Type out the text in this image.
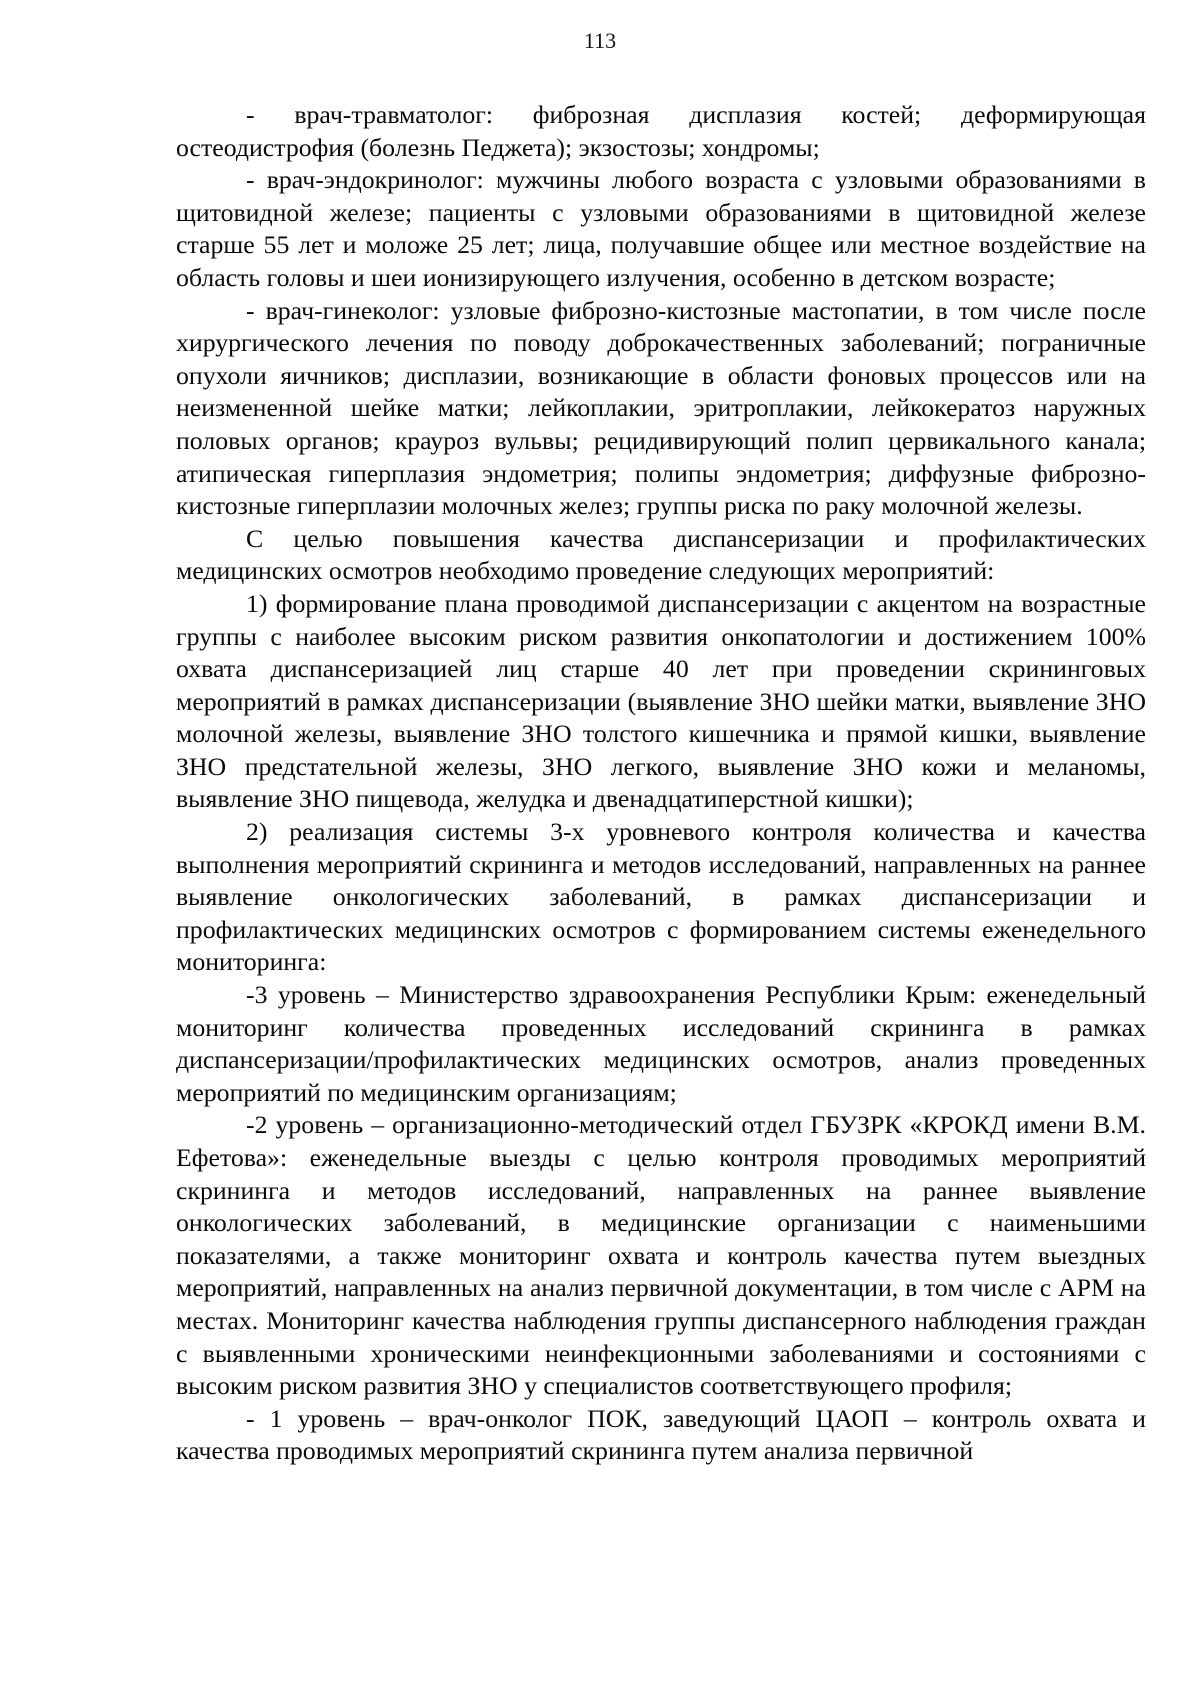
113

- врач-травматолог: фиброзная дисплазия костей; деформирующая остеодистрофия (болезнь Педжета); экзостозы; хондромы;

- врач-эндокринолог: мужчины любого возраста с узловыми образованиями в щитовидной железе; пациенты с узловыми образованиями в щитовидной железе старше 55 лет и моложе 25 лет; лица, получавшие общее или местное воздействие на область головы и шеи ионизирующего излучения, особенно в детском возрасте;

- врач-гинеколог: узловые фиброзно-кистозные мастопатии, в том числе после хирургического лечения по поводу доброкачественных заболеваний; пограничные опухоли яичников; дисплазии, возникающие в области фоновых процессов или на неизмененной шейке матки; лейкоплакии, эритроплакии, лейкокератоз наружных половых органов; крауроз вульвы; рецидивирующий полип цервикального канала; атипическая гиперплазия эндометрия; полипы эндометрия; диффузные фиброзно-кистозные гиперплазии молочных желез; группы риска по раку молочной железы.

С целью повышения качества диспансеризации и профилактических медицинских осмотров необходимо проведение следующих мероприятий:

1) формирование плана проводимой диспансеризации с акцентом на возрастные группы с наиболее высоким риском развития онкопатологии и достижением 100% охвата диспансеризацией лиц старше 40 лет при проведении скрининговых мероприятий в рамках диспансеризации (выявление ЗНО шейки матки, выявление ЗНО молочной железы, выявление ЗНО толстого кишечника и прямой кишки, выявление ЗНО предстательной железы, ЗНО легкого, выявление ЗНО кожи и меланомы, выявление ЗНО пищевода, желудка и двенадцатиперстной кишки);

2) реализация системы 3-х уровневого контроля количества и качества выполнения мероприятий скрининга и методов исследований, направленных на раннее выявление онкологических заболеваний, в рамках диспансеризации и профилактических медицинских осмотров с формированием системы еженедельного мониторинга:

-3 уровень – Министерство здравоохранения Республики Крым: еженедельный мониторинг количества проведенных исследований скрининга в рамках диспансеризации/профилактических медицинских осмотров, анализ проведенных мероприятий по медицинским организациям;

-2 уровень – организационно-методический отдел ГБУЗРК «КРОКД имени В.М. Ефетова»: еженедельные выезды с целью контроля проводимых мероприятий скрининга и методов исследований, направленных на раннее выявление онкологических заболеваний, в медицинские организации с наименьшими показателями, а также мониторинг охвата и контроль качества путем выездных мероприятий, направленных на анализ первичной документации, в том числе с АРМ на местах. Мониторинг качества наблюдения группы диспансерного наблюдения граждан с выявленными хроническими неинфекционными заболеваниями и состояниями с высоким риском развития ЗНО у специалистов соответствующего профиля;

- 1 уровень – врач-онколог ПОК, заведующий ЦАОП – контроль охвата и качества проводимых мероприятий скрининга путем анализа первичной
